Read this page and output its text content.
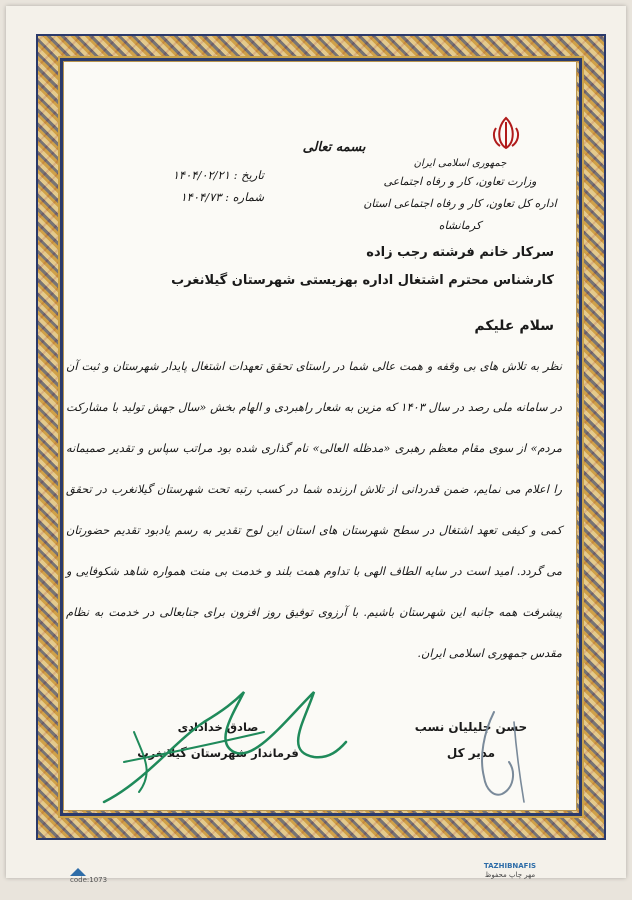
جمهوری اسلامی ایران
وزارت تعاون، کار و رفاه اجتماعی
اداره کل تعاون، کار و رفاه اجتماعی استان کرمانشاه
بسمه تعالی
تاریخ : ۱۴۰۴/۰۲/۲۱
شماره : ۱۴۰۴/۷۳
سرکار خانم فرشته رجب زاده
کارشناس محترم اشتغال اداره بهزیستی شهرستان گیلانغرب
سلام علیکم
نظر به تلاش های بی وقفه و همت عالی شما در راستای تحقق تعهدات اشتغال پایدار شهرستان و ثبت آن در سامانه ملی رصد در سال ۱۴۰۳ که مزین به شعار راهبردی و الهام بخش «سال جهش تولید با مشارکت مردم» از سوی مقام معظم رهبری «مدظله العالی» نام گذاری شده بود مراتب سپاس و تقدیر صمیمانه را اعلام می نمایم، ضمن قدردانی از تلاش ارزنده شما در کسب رتبه تحت شهرستان گیلانغرب در تحقق کمی و کیفی تعهد اشتغال در سطح شهرستان های استان این لوح تقدیر به رسم یادبود تقدیم حضورتان می گردد. امید است در سایه الطاف الهی با تداوم همت بلند و خدمت بی منت همواره شاهد شکوفایی و پیشرفت همه جانبه این شهرستان باشیم. با آرزوی توفیق روز افزون برای جنابعالی در خدمت به نظام مقدس جمهوری اسلامی ایران.
حسن جلیلیان نسب
مدیر کل
صادق خدادادی
فرماندار شهرستان گیلانغرب
code:1073
TAZHIBNAFIS
مهر چاپ محفوظ
